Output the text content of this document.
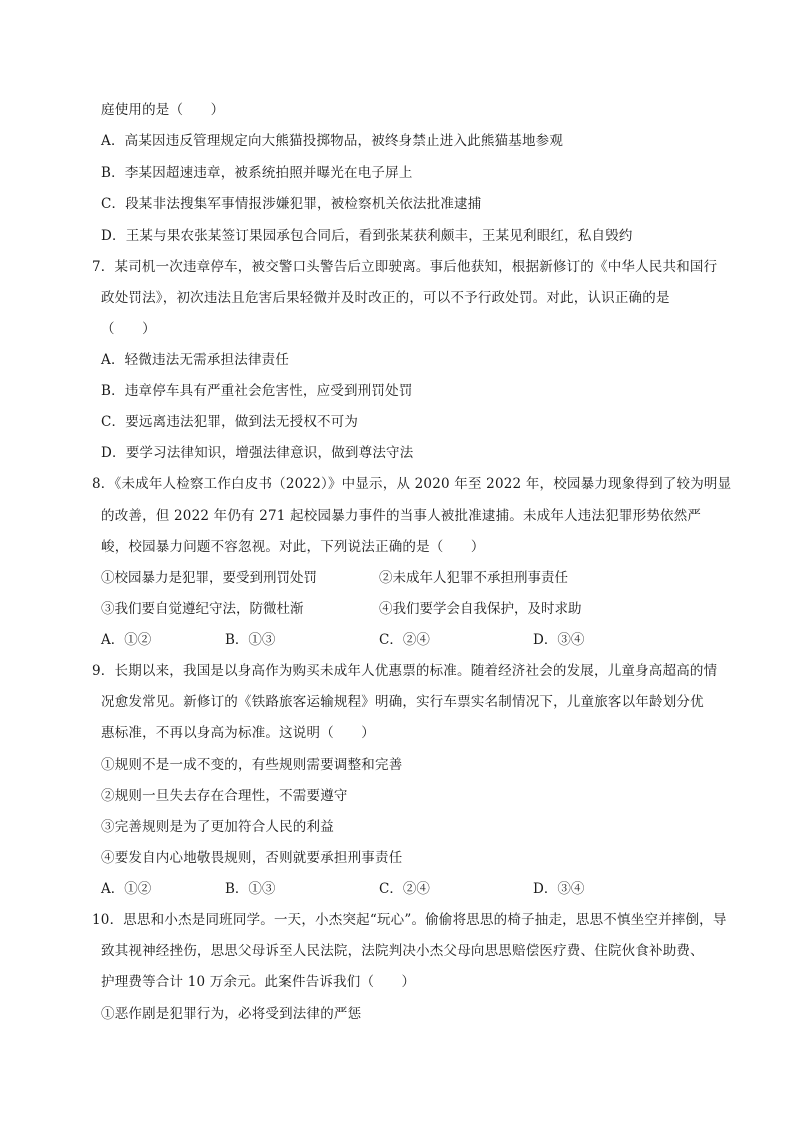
庭使用的是（　　）
A．高某因违反管理规定向大熊猫投掷物品，被终身禁止进入此熊猫基地参观
B．李某因超速违章，被系统拍照并曝光在电子屏上
C．段某非法搜集军事情报涉嫌犯罪，被检察机关依法批准逮捕
D．王某与果农张某签订果园承包合同后，看到张某获利颇丰，王某见利眼红，私自毁约
7．某司机一次违章停车，被交警口头警告后立即驶离。事后他获知，根据新修订的《中华人民共和国行
政处罚法》，初次违法且危害后果轻微并及时改正的，可以不予行政处罚。对此，认识正确的是
（　　）
A．轻微违法无需承担法律责任
B．违章停车具有严重社会危害性，应受到刑罚处罚
C．要远离违法犯罪，做到法无授权不可为
D．要学习法律知识，增强法律意识，做到尊法守法
8．《未成年人检察工作白皮书（2022）》中显示，从 2020 年至 2022 年，校园暴力现象得到了较为明显
的改善，但 2022 年仍有 271 起校园暴力事件的当事人被批准逮捕。未成年人违法犯罪形势依然严
峻，校园暴力问题不容忽视。对此，下列说法正确的是（　　）
①校园暴力是犯罪，要受到刑罚处罚	②未成年人犯罪不承担刑事责任
③我们要自觉遵纪守法，防微杜渐	④我们要学会自我保护，及时求助
A．①②	B．①③	C．②④	D．③④
9．长期以来，我国是以身高作为购买未成年人优惠票的标准。随着经济社会的发展，儿童身高超高的情
况愈发常见。新修订的《铁路旅客运输规程》明确，实行车票实名制情况下，儿童旅客以年龄划分优
惠标准，不再以身高为标准。这说明（　　）
①规则不是一成不变的，有些规则需要调整和完善
②规则一旦失去存在合理性，不需要遵守
③完善规则是为了更加符合人民的利益
④要发自内心地敬畏规则，否则就要承担刑事责任
A．①②	B．①③	C．②④	D．③④
10．思思和小杰是同班同学。一天，小杰突起“玩心”。偷偷将思思的椅子抽走，思思不慎坐空并摔倒，导
致其视神经挫伤，思思父母诉至人民法院，法院判决小杰父母向思思赔偿医疗费、住院伙食补助费、
护理费等合计 10 万余元。此案件告诉我们（　　）
①恶作剧是犯罪行为，必将受到法律的严惩
